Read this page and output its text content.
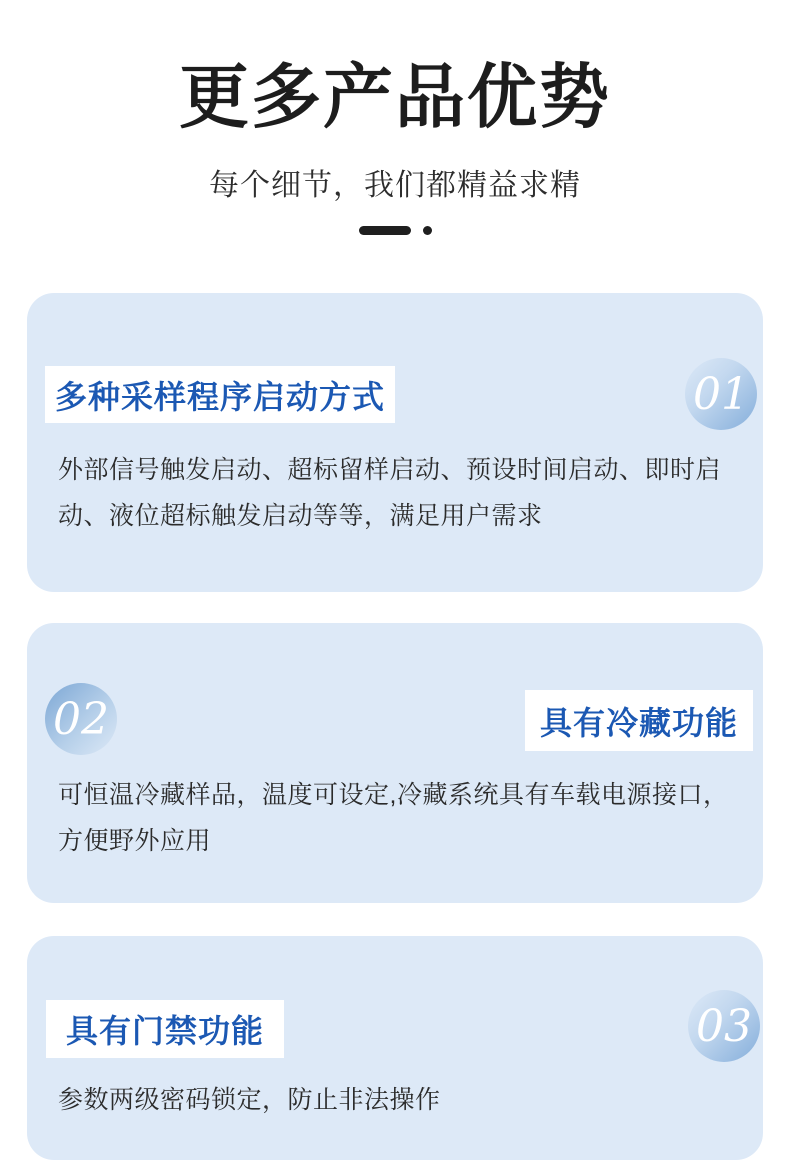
更多产品优势
每个细节，我们都精益求精
多种采样程序启动方式	01

外部信号触发启动、超标留样启动、预设时间启动、即时启动、液位超标触发启动等等，满足用户需求

02	具有冷藏功能

可恒温冷藏样品，温度可设定,冷藏系统具有车载电源接口， 方便野外应用

具有门禁功能	03

参数两级密码锁定，防止非法操作
